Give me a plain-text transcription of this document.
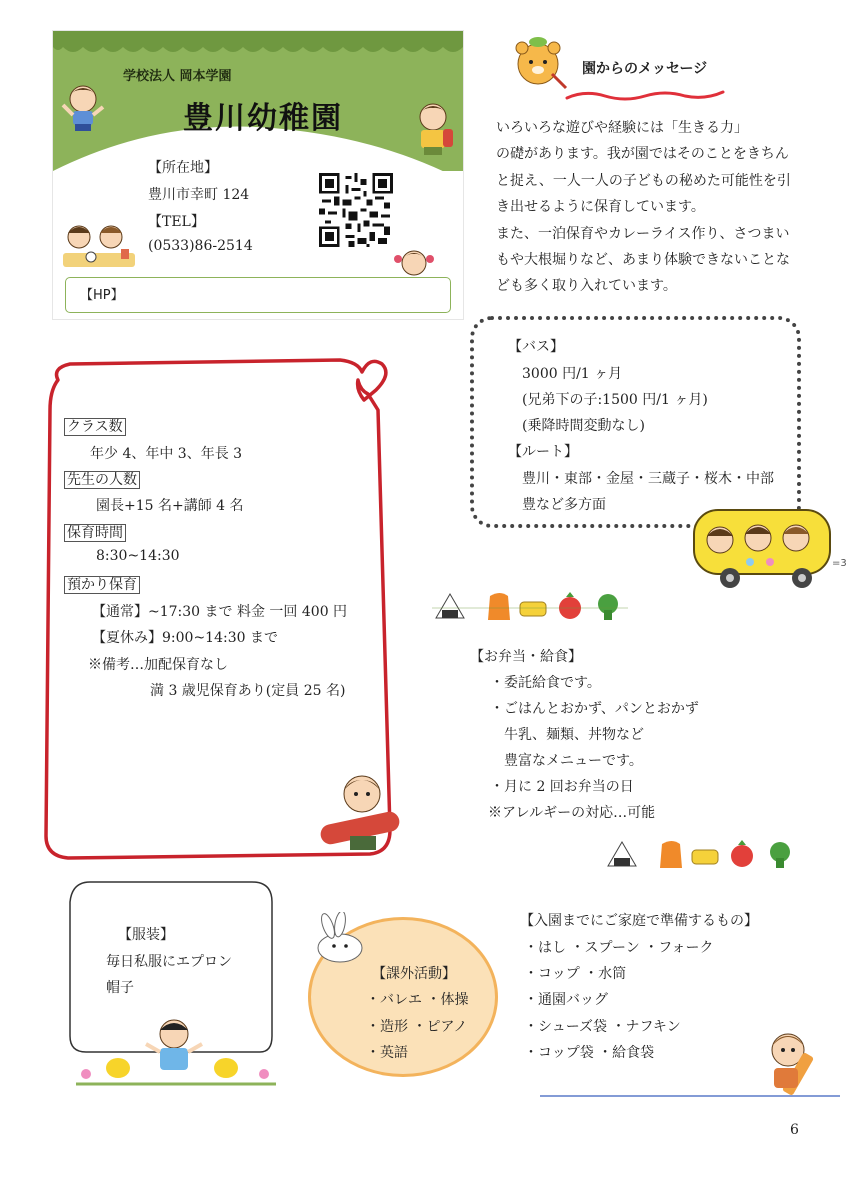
学校法人 岡本学園
豊川幼稚園
【所在地】
豊川市幸町 124
【TEL】
(0533)86-2514
【HP】
園からのメッセージ
いろいろな遊びや経験には「生きる力」
の礎があります。我が園ではそのことをきちん
と捉え、一人一人の子どもの秘めた可能性を引
き出せるように保育しています。
また、一泊保育やカレーライス作り、さつまい
もや大根堀りなど、あまり体験できないことな
ども多く取り入れています。
【バス】
3000 円/1 ヶ月
(兄弟下の子:1500 円/1 ヶ月)
(乗降時間変動なし)
【ルート】
豊川・東部・金屋・三蔵子・桜木・中部
豊など多方面
=3
クラス数
年少 4、年中 3、年長 3
先生の人数
園長+15 名+講師 4 名
保育時間
8:30~14:30
預かり保育
【通常】~17:30 まで 料金 一回 400 円
【夏休み】9:00~14:30 まで
※備考…加配保育なし
満 3 歳児保育あり(定員 25 名)
【お弁当・給食】
・委託給食です。
・ごはんとおかず、パンとおかず
牛乳、麺類、丼物など
豊富なメニューです。
・月に 2 回お弁当の日
※アレルギーの対応…可能
【服装】
毎日私服にエプロン
帽子
【課外活動】
・バレエ ・体操
・造形 ・ピアノ
・英語
【入園までにご家庭で準備するもの】
・はし ・スプーン ・フォーク
・コップ ・水筒
・通園バッグ
・シューズ袋 ・ナフキン
・コップ袋 ・給食袋
6
